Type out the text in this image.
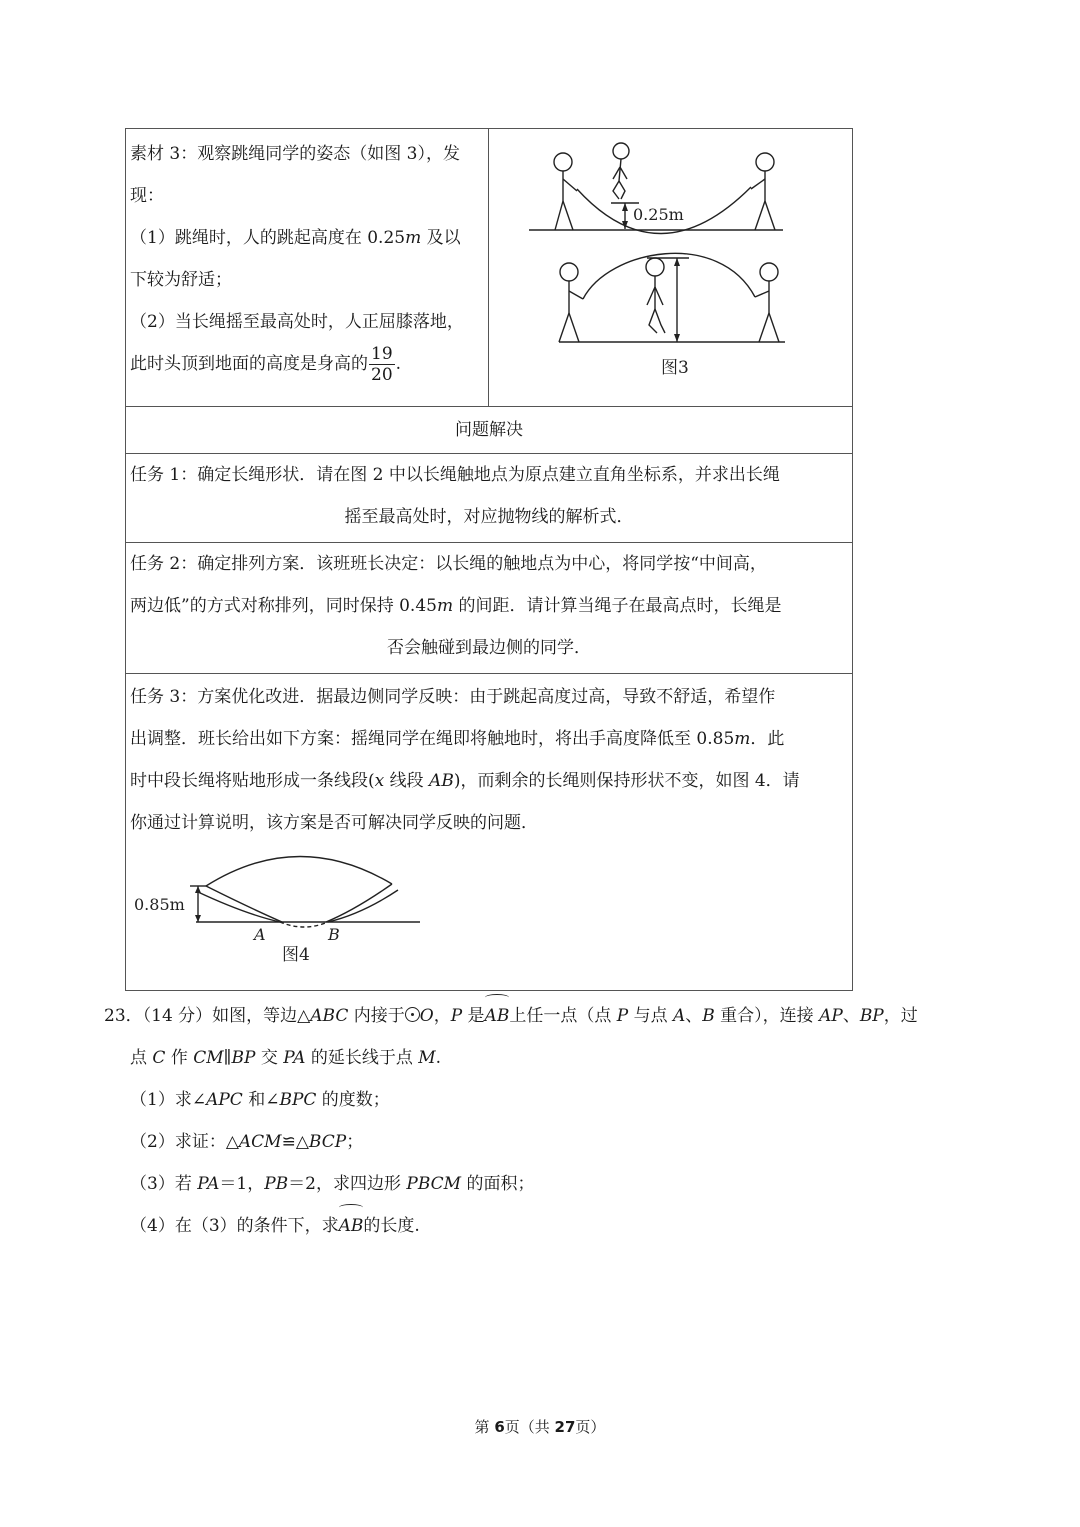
素材 3：观察跳绳同学的姿态（如图 3），发
现：
（1）跳绳时，人的跳起高度在 0.25m 及以
下较为舒适；
（2）当长绳摇至最高处时，人正屈膝落地，
此时头顶到地面的高度是身高的 $\frac{19}{20}$ .

0.25m
图3

问题解决

任务 1：确定长绳形状．请在图 2 中以长绳触地点为原点建立直角坐标系，并求出长绳
摇至最高处时，对应抛物线的解析式．

任务 2：确定排列方案．该班班长决定：以长绳的触地点为中心，将同学按“中间高，
两边低”的方式对称排列，同时保持 0.45m 的间距．请计算当绳子在最高点时，长绳是
否会触碰到最边侧的同学．

任务 3：方案优化改进．据最边侧同学反映：由于跳起高度过高，导致不舒适，希望作
出调整．班长给出如下方案：摇绳同学在绳即将触地时，将出手高度降低至 0.85m．此
时中段长绳将贴地形成一条线段(x 线段 AB)，而剩余的长绳则保持形状不变，如图 4．请
你通过计算说明，该方案是否可解决同学反映的问题．
0.85m
A	B
图4
23．（14 分）如图，等边△ABC 内接于 O，P 是AB上任一点（点 P 与点 A、B 重合），连接 AP、BP，过
点 C 作 CM∥BP 交 PA 的延长线于点 M.
（1）求∠APC 和∠BPC 的度数；
（2）求证：△ACM≌△BCP；
（3）若 PA＝1，PB＝2，求四边形 PBCM 的面积；
（4）在（3）的条件下，求AB的长度.
第 6页（共 27页）
